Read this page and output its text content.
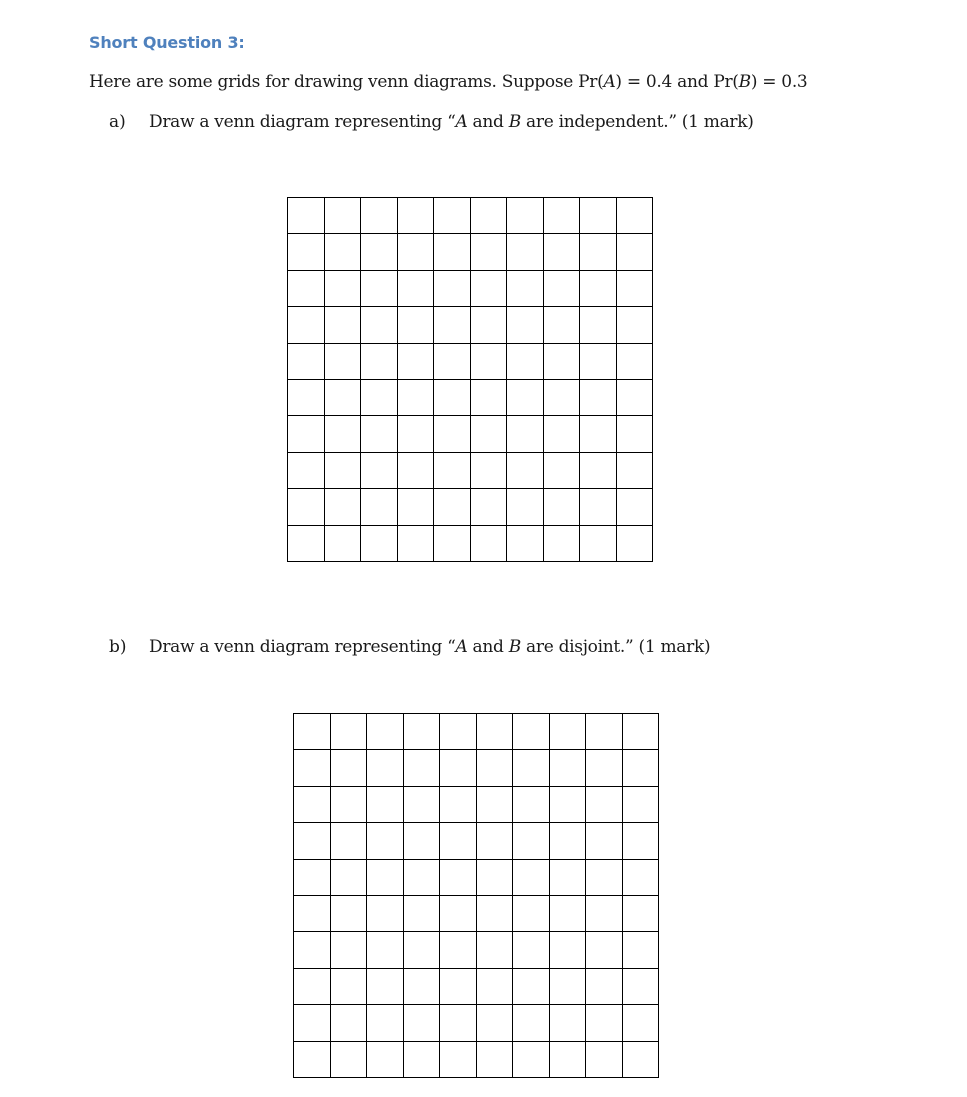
Short Question 3:
Here are some grids for drawing venn diagrams. Suppose Pr(A) = 0.4 and Pr(B) = 0.3
a) Draw a venn diagram representing “A and B are independent.” (1 mark)
b) Draw a venn diagram representing “A and B are disjoint.” (1 mark)
